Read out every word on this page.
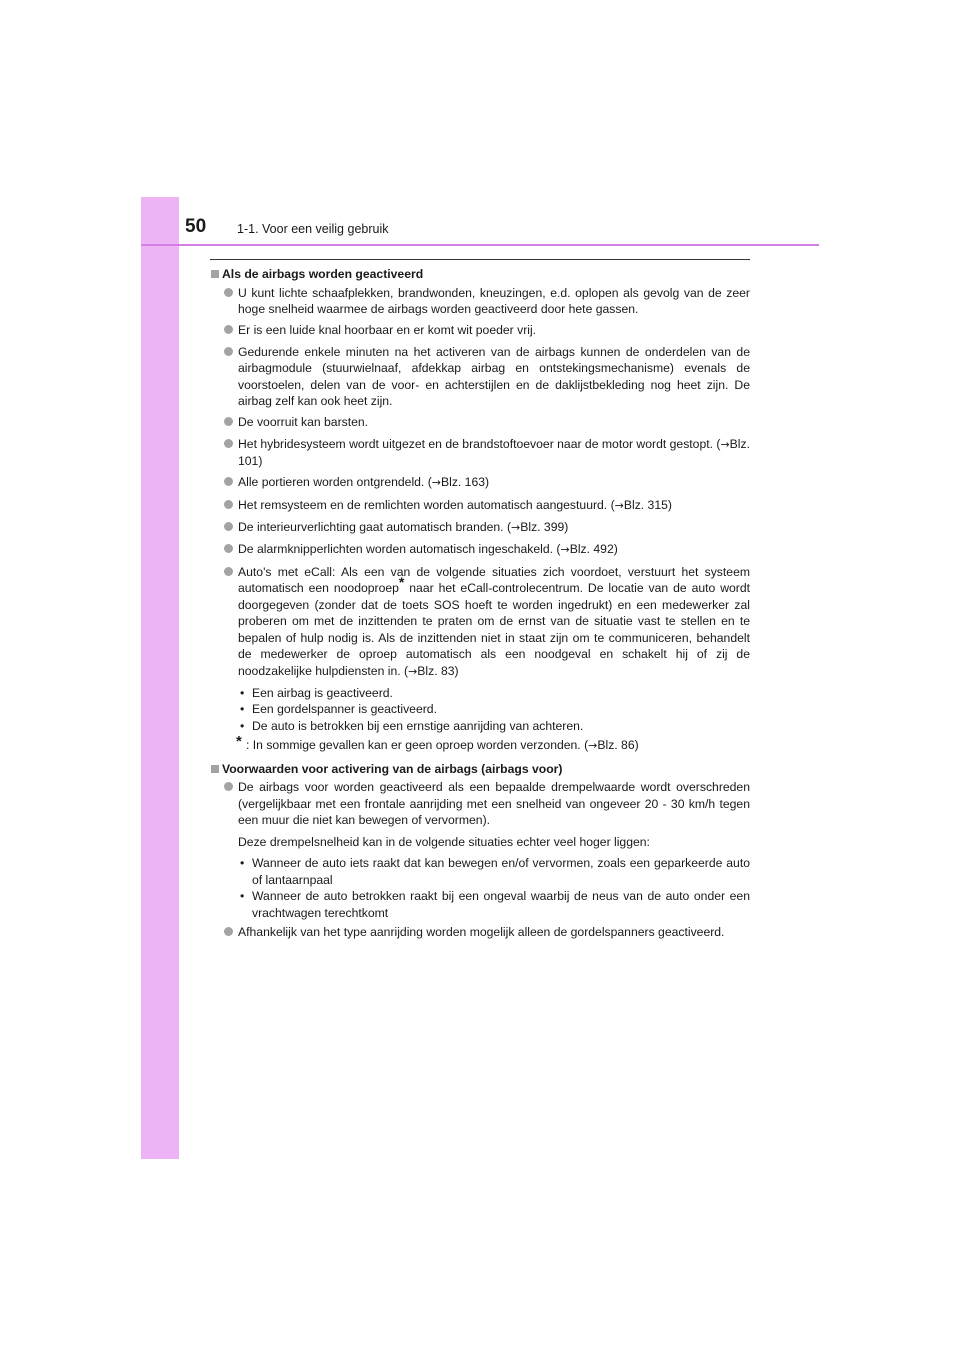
50 1-1. Voor een veilig gebruik
Als de airbags worden geactiveerd
U kunt lichte schaafplekken, brandwonden, kneuzingen, e.d. oplopen als gevolg van de zeer hoge snelheid waarmee de airbags worden geactiveerd door hete gassen.
Er is een luide knal hoorbaar en er komt wit poeder vrij.
Gedurende enkele minuten na het activeren van de airbags kunnen de onderdelen van de airbagmodule (stuurwielnaaf, afdekkap airbag en ontstekingsmechanisme) evenals de voorstoelen, delen van de voor- en achterstijlen en de daklijstbekleding nog heet zijn. De airbag zelf kan ook heet zijn.
De voorruit kan barsten.
Het hybridesysteem wordt uitgezet en de brandstoftoevoer naar de motor wordt gestopt. (→Blz. 101)
Alle portieren worden ontgrendeld. (→Blz. 163)
Het remsysteem en de remlichten worden automatisch aangestuurd. (→Blz. 315)
De interieurverlichting gaat automatisch branden. (→Blz. 399)
De alarmknipperlichten worden automatisch ingeschakeld. (→Blz. 492)
Auto's met eCall: Als een van de volgende situaties zich voordoet, verstuurt het systeem automatisch een noodoproep* naar het eCall-controlecentrum. De locatie van de auto wordt doorgegeven (zonder dat de toets SOS hoeft te worden ingedrukt) en een medewerker zal proberen om met de inzittenden te praten om de ernst van de situatie vast te stellen en te bepalen of hulp nodig is. Als de inzittenden niet in staat zijn om te communiceren, behandelt de medewerker de oproep automatisch als een noodgeval en schakelt hij of zij de noodzakelijke hulpdiensten in. (→Blz. 83)
• Een airbag is geactiveerd.
• Een gordelspanner is geactiveerd.
• De auto is betrokken bij een ernstige aanrijding van achteren.
* : In sommige gevallen kan er geen oproep worden verzonden. (→Blz. 86)
Voorwaarden voor activering van de airbags (airbags voor)
De airbags voor worden geactiveerd als een bepaalde drempelwaarde wordt overschreden (vergelijkbaar met een frontale aanrijding met een snelheid van ongeveer 20 - 30 km/h tegen een muur die niet kan bewegen of vervormen).
Deze drempelsnelheid kan in de volgende situaties echter veel hoger liggen:
• Wanneer de auto iets raakt dat kan bewegen en/of vervormen, zoals een geparkeerde auto of lantaarnpaal
• Wanneer de auto betrokken raakt bij een ongeval waarbij de neus van de auto onder een vrachtwagen terechtkomt
Afhankelijk van het type aanrijding worden mogelijk alleen de gordelspanners geactiveerd.
